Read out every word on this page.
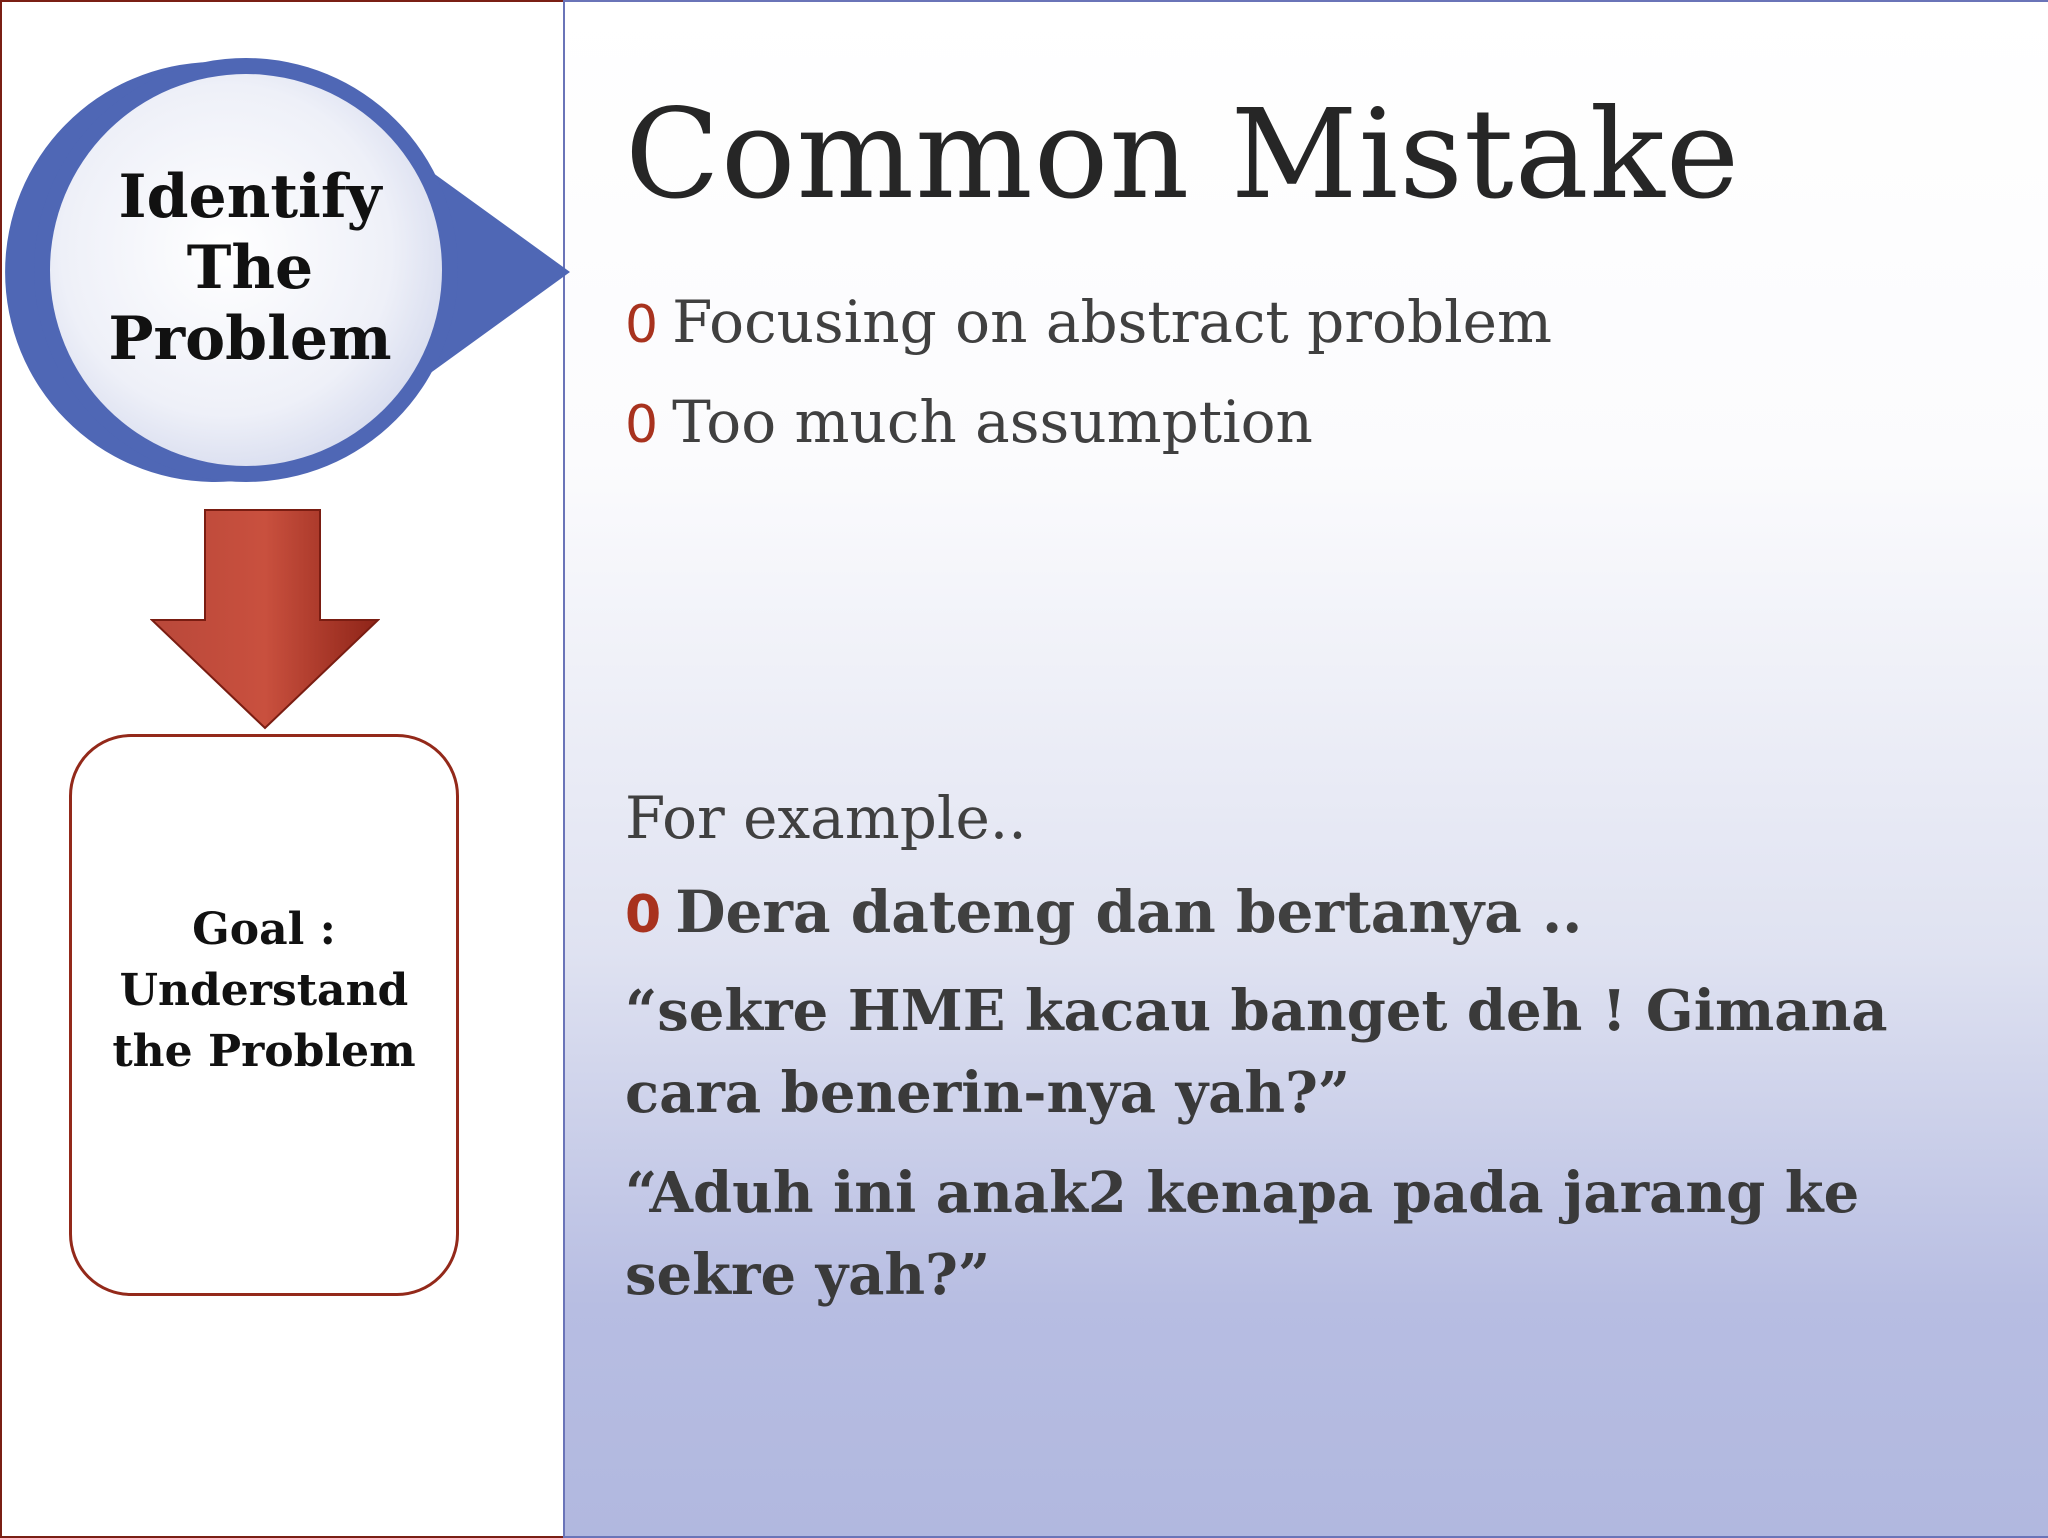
Identify
The
Problem
Goal :
Understand
the Problem
Common Mistake
0 Focusing on abstract problem
0 Too much assumption
For example..
0 Dera dateng dan bertanya ..
“sekre HME kacau banget deh ! Gimana cara benerin-nya yah?”
“Aduh ini anak2 kenapa pada jarang ke sekre yah?”
